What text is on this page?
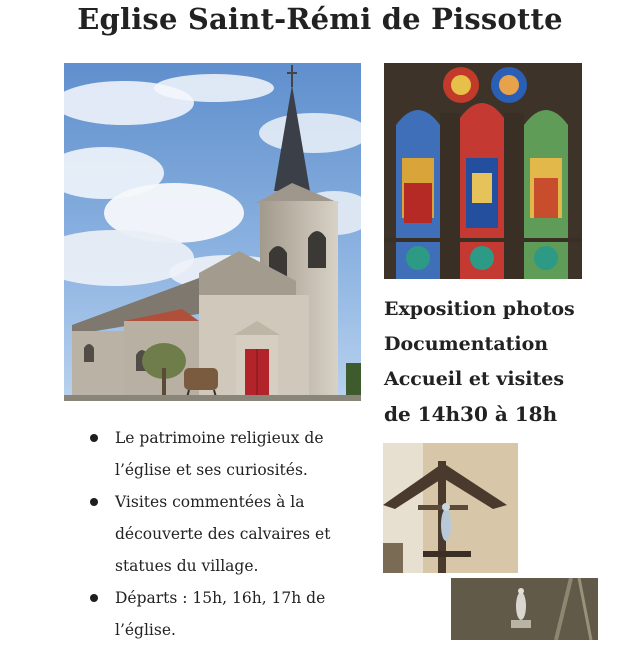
Eglise Saint-Rémi de Pissotte
Exposition photos
Documentation
Accueil et visites
de 14h30 à 18h
Le patrimoine religieux de l’église et ses curiosités.
Visites commentées à la découverte des calvaires et statues du village.
Départs : 15h, 16h, 17h de l’église.
